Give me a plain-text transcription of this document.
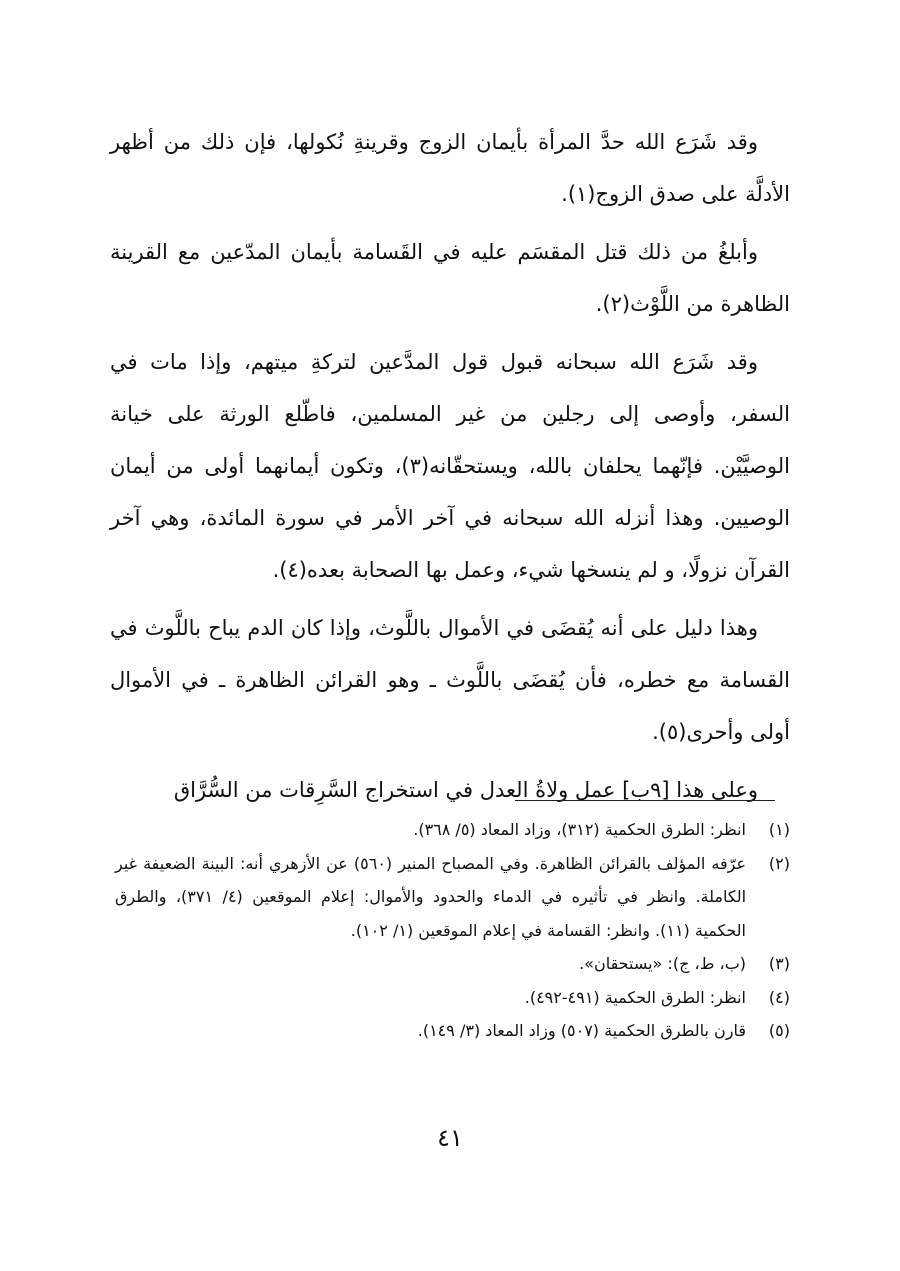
وقد شَرَع الله حدَّ المرأة بأيمان الزوج وقرينةِ نُكولها، فإن ذلك من أظهر الأدلَّة على صدق الزوج(١).

وأبلغُ من ذلك قتل المقسَم عليه في القَسامة بأيمان المدّعين مع القرينة الظاهرة من اللَّوْث(٢).

وقد شَرَع الله سبحانه قبول قول المدَّعين لتركةِ ميتهم، وإذا مات في السفر، وأوصى إلى رجلين من غير المسلمين، فاطّلع الورثة على خيانة الوصيَّيْن. فإنّهما يحلفان بالله، ويستحقّانه(٣)، وتكون أيمانهما أولى من أيمان الوصيين. وهذا أنزله الله سبحانه في آخر الأمر في سورة المائدة، وهي آخر القرآن نزولًا، و لم ينسخها شيء، وعمل بها الصحابة بعده(٤).

وهذا دليل على أنه يُقضَى في الأموال باللَّوث، وإذا كان الدم يباح باللَّوث في القسامة مع خطره، فأن يُقضَى باللَّوث ـ وهو القرائن الظاهرة ـ في الأموال أولى وأحرى(٥).

وعلى هذا [٩ب] عمل ولاةُ العدل في استخراج السَّرِقات من السُّرَّاق

(١)
انظر: الطرق الحكمية (٣١٢)، وزاد المعاد (٥/ ٣٦٨).
(٢)
عرّفه المؤلف بالقرائن الظاهرة. وفي المصباح المنير (٥٦٠) عن الأزهري أنه: البينة الضعيفة غير الكاملة. وانظر في تأثيره في الدماء والحدود والأموال: إعلام الموقعين (٤/ ٣٧١)، والطرق الحكمية (١١). وانظر: القسامة في إعلام الموقعين (١/ ١٠٢).
(٣)
(ب، ط، ج): «يستحقان».
(٤)
انظر: الطرق الحكمية (٤٩١-٤٩٢).
(٥)
قارن بالطرق الحكمية (٥٠٧) وزاد المعاد (٣/ ١٤٩).
٤١
